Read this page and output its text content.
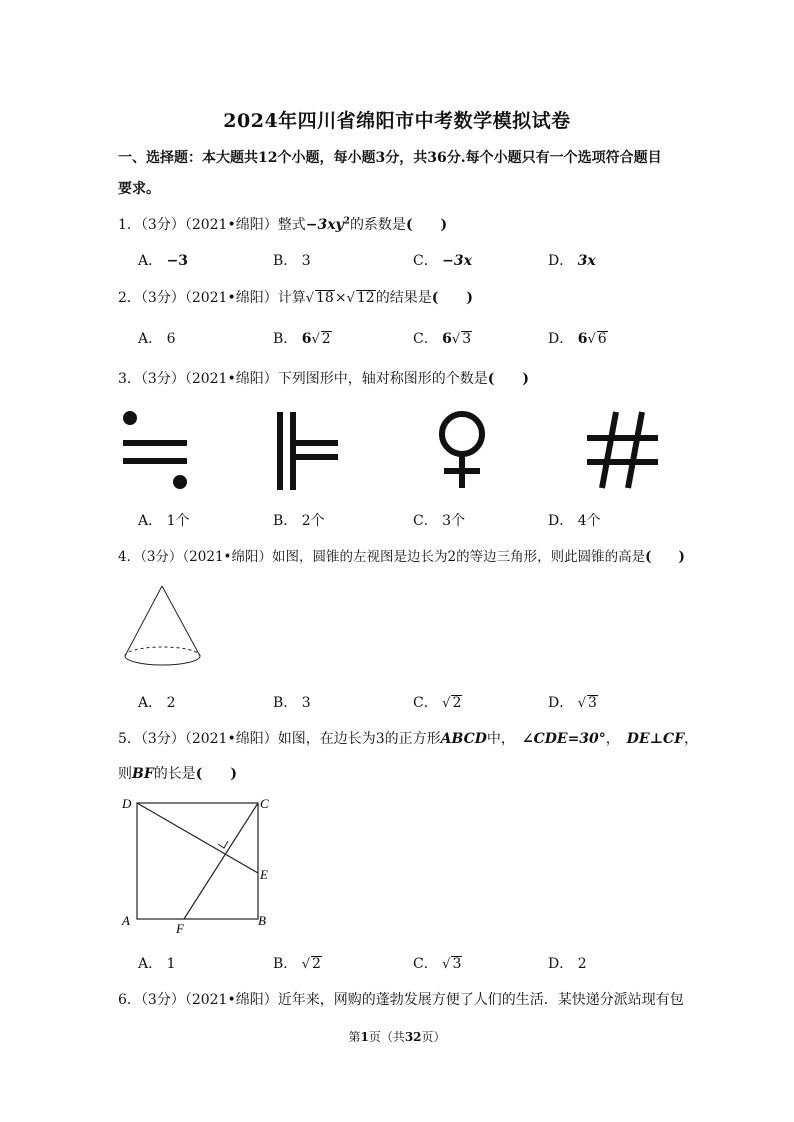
2024年四川省绵阳市中考数学模拟试卷
一、选择题：本大题共12个小题，每小题3分，共36分.每个小题只有一个选项符合题目
要求。
1．（3分）（2021•绵阳）整式$-3xy^2$的系数是(　　)
A． −3	B． 3	C． −3x	D． 3x
2．（3分）（2021•绵阳）计算√ 18×√ 12的结果是(　　)
A． 6	B． 6√ 2	C． 6√ 3	D． 6√ 6
3．（3分）（2021•绵阳）下列图形中，轴对称图形的个数是(　　)
A． 1个	B． 2个	C． 3个	D． 4个
4．（3分）（2021•绵阳）如图，圆锥的左视图是边长为2的等边三角形，则此圆锥的高是(　　)
A． 2	B． 3	C． √ 2	D． √ 3
5．（3分）（2021•绵阳）如图，在边长为3的正方形ABCD中，　 ∠CDE=30°，　 DE⊥CF，
则BF的长是(　　)
D	C
E
A
F
B
A． 1	B． √ 2	C． √ 3	D． 2
6．（3分）（2021•绵阳）近年来，网购的蓬勃发展方便了人们的生活．某快递分派站现有包
第1页（共32页）
